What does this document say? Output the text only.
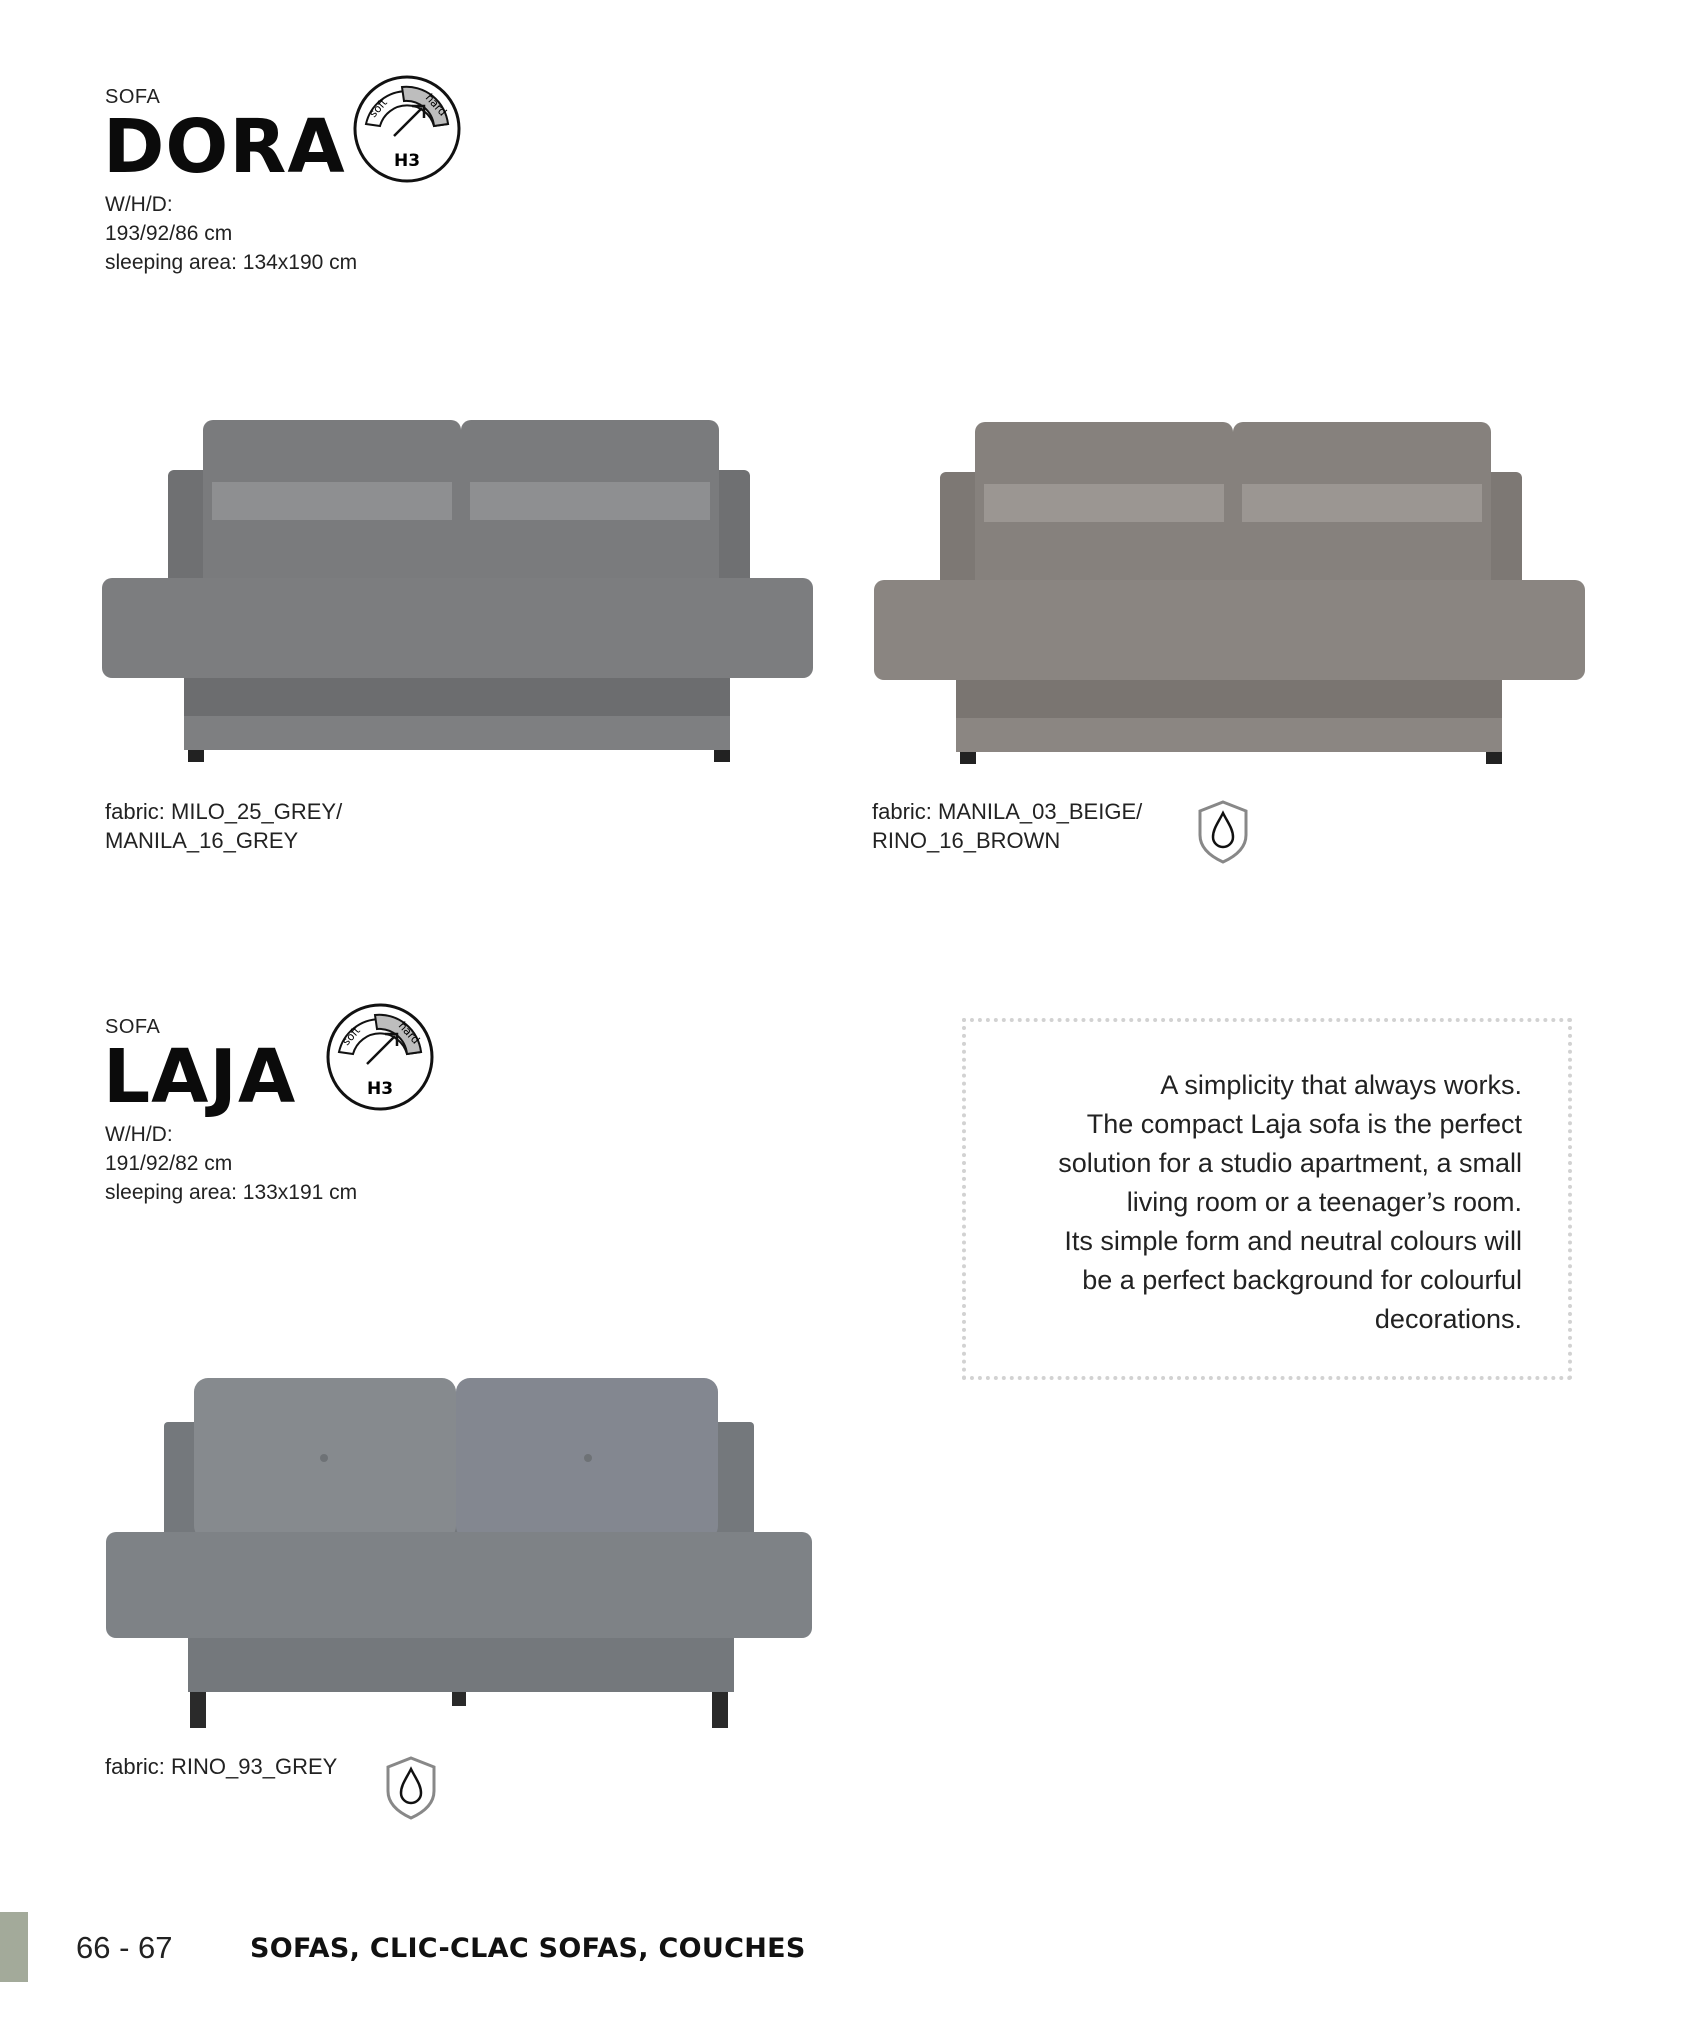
SOFA
DORA soft	hard
H3
W/H/D:
193/92/86 cm
sleeping area: 134x190 cm
fabric: MILO_25_GREY/
MANILA_16_GREY
fabric: MANILA_03_BEIGE/
RINO_16_BROWN
SOFA
LAJA	soft	hard
H3
W/H/D:
191/92/82 cm
sleeping area: 133x191 cm
A simplicity that always works.
The compact Laja sofa is the perfect
solution for a studio apartment, a small
living room or a teenager’s room.
Its simple form and neutral colours will
be a perfect background for colourful
decorations.
fabric: RINO_93_GREY
66 - 67	SOFAS, CLIC-CLAC SOFAS, COUCHES
